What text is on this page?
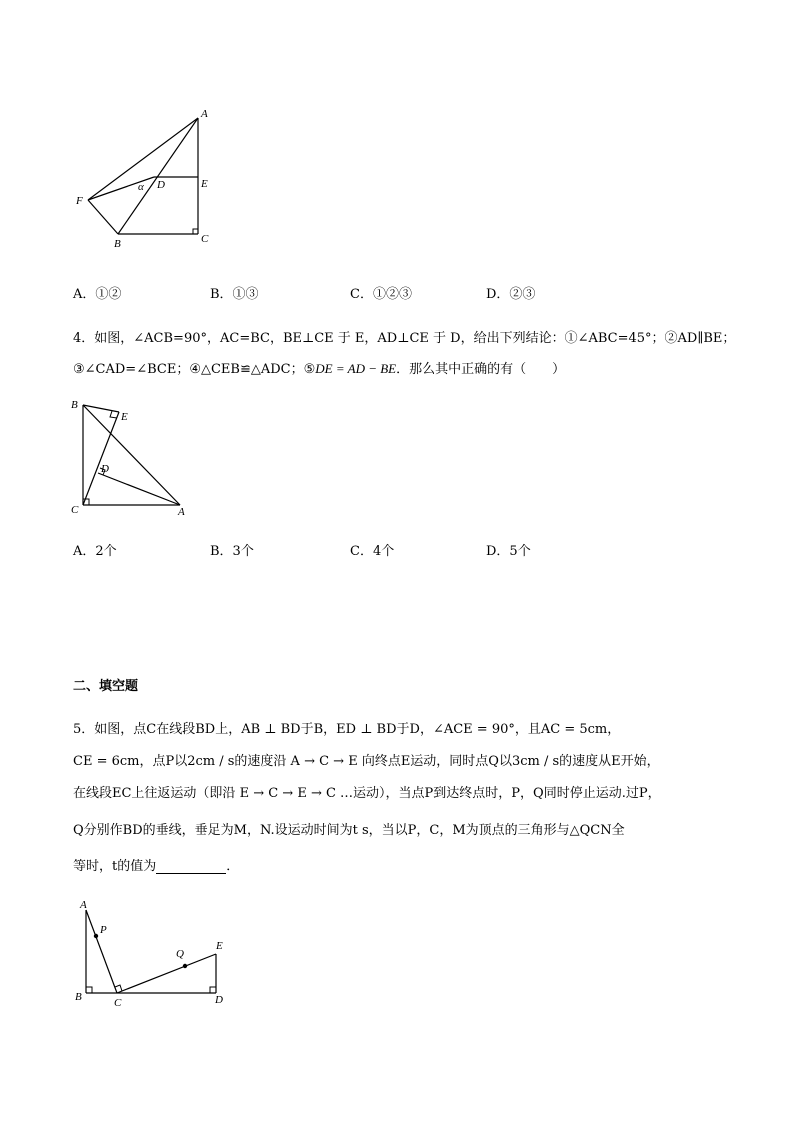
A
E
D
α
F
B	C
A．①②	B．①③	C．①②③	D．②③
4．如图，∠ACB=90°，AC=BC，BE⊥CE 于 E，AD⊥CE 于 D，给出下列结论：①∠ABC=45°；②AD∥BE；
③∠CAD=∠BCE；④△CEB≌△ADC；⑤DE = AD − BE．那么其中正确的有（　　）
B
E
D
C	A
A．2个	B．3个	C．4个	D．5个
二、填空题
5．如图，点C在线段BD上，AB ⊥ BD于B，ED ⊥ BD于D，∠ACE = 90°，且AC = 5cm，
CE = 6cm，点P以2cm / s的速度沿 A → C → E 向终点E运动，同时点Q以3cm / s的速度从E开始，
在线段EC上往返运动（即沿 E → C → E → C …运动），当点P到达终点时，P，Q同时停止运动.过P，
Q分别作BD的垂线，垂足为M，N.设运动时间为t s，当以P，C，M为顶点的三角形与△QCN全
等时，t的值为	．
A
P
Q
E
B	C	D
